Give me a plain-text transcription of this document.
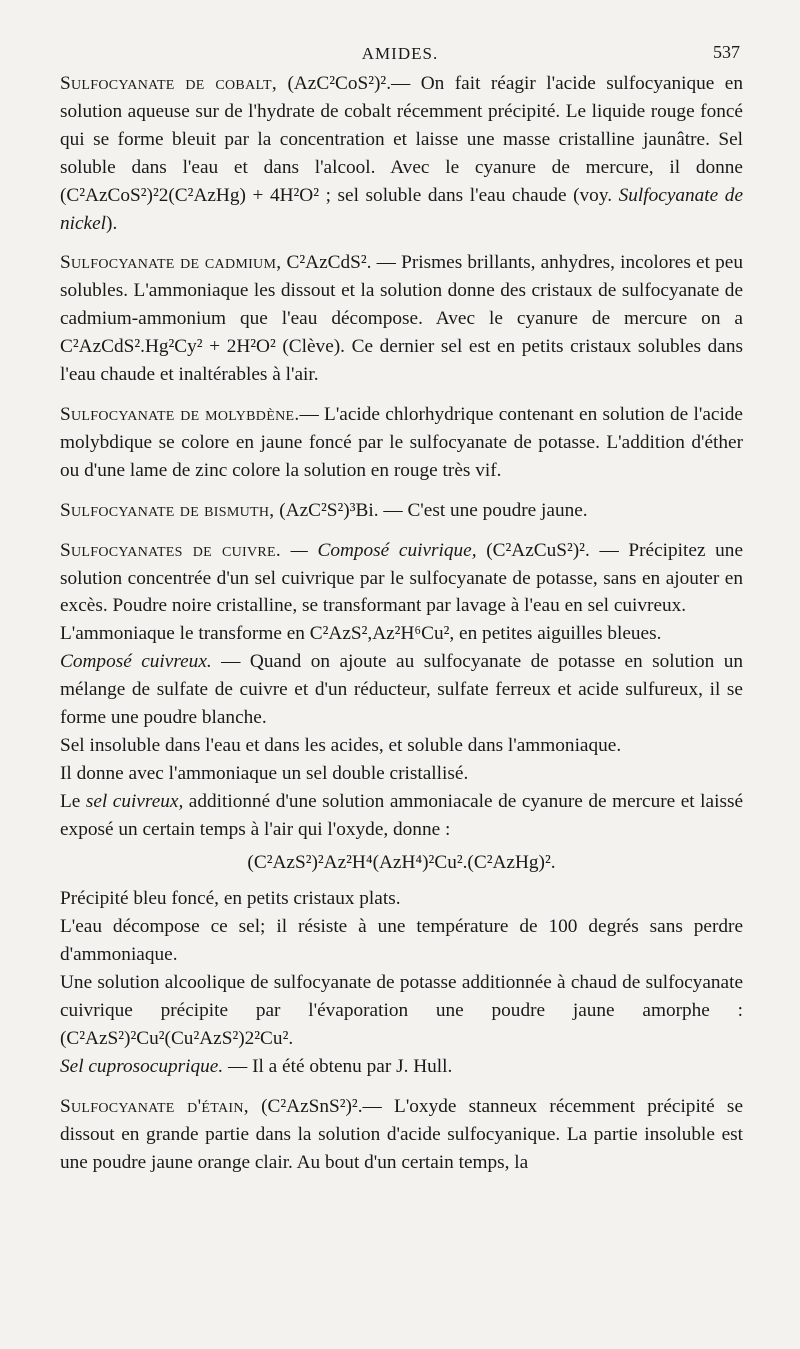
AMIDES.	537

Sulfocyanate de cobalt, (AzC²CoS²)².— On fait réagir l'acide sulfocyanique en solution aqueuse sur de l'hydrate de cobalt récemment précipité. Le liquide rouge foncé qui se forme bleuit par la concentration et laisse une masse cristalline jaunâtre. Sel soluble dans l'eau et dans l'alcool. Avec le cyanure de mercure, il donne (C²AzCoS²)²2(C²AzHg) + 4H²O² ; sel soluble dans l'eau chaude (voy. Sulfocyanate de nickel).

Sulfocyanate de cadmium, C²AzCdS². — Prismes brillants, anhydres, incolores et peu solubles. L'ammoniaque les dissout et la solution donne des cristaux de sulfocyanate de cadmium-ammonium que l'eau décompose. Avec le cyanure de mercure on a C²AzCdS².Hg²Cy² + 2H²O² (Clève). Ce dernier sel est en petits cristaux solubles dans l'eau chaude et inaltérables à l'air.

Sulfocyanate de molybdène.— L'acide chlorhydrique contenant en solution de l'acide molybdique se colore en jaune foncé par le sulfocyanate de potasse. L'addition d'éther ou d'une lame de zinc colore la solution en rouge très vif.

Sulfocyanate de bismuth, (AzC²S²)³Bi. — C'est une poudre jaune.

Sulfocyanates de cuivre. — Composé cuivrique, (C²AzCuS²)². — Précipitez une solution concentrée d'un sel cuivrique par le sulfocyanate de potasse, sans en ajouter en excès. Poudre noire cristalline, se transformant par lavage à l'eau en sel cuivreux.

L'ammoniaque le transforme en C²AzS²,Az²H⁶Cu², en petites aiguilles bleues.

Composé cuivreux. — Quand on ajoute au sulfocyanate de potasse en solution un mélange de sulfate de cuivre et d'un réducteur, sulfate ferreux et acide sulfureux, il se forme une poudre blanche.

Sel insoluble dans l'eau et dans les acides, et soluble dans l'ammoniaque.

Il donne avec l'ammoniaque un sel double cristallisé.

Le sel cuivreux, additionné d'une solution ammoniacale de cyanure de mercure et laissé exposé un certain temps à l'air qui l'oxyde, donne :

(C²AzS²)²Az²H⁴(AzH⁴)²Cu².(C²AzHg)².

Précipité bleu foncé, en petits cristaux plats.

L'eau décompose ce sel; il résiste à une température de 100 degrés sans perdre d'ammoniaque.

Une solution alcoolique de sulfocyanate de potasse additionnée à chaud de sulfocyanate cuivrique précipite par l'évaporation une poudre jaune amorphe : (C²AzS²)²Cu²(Cu²AzS²)2²Cu².

Sel cuprosocuprique. — Il a été obtenu par J. Hull.

Sulfocyanate d'étain, (C²AzSnS²)².— L'oxyde stanneux récemment précipité se dissout en grande partie dans la solution d'acide sulfocyanique. La partie insoluble est une poudre jaune orange clair. Au bout d'un certain temps, la
